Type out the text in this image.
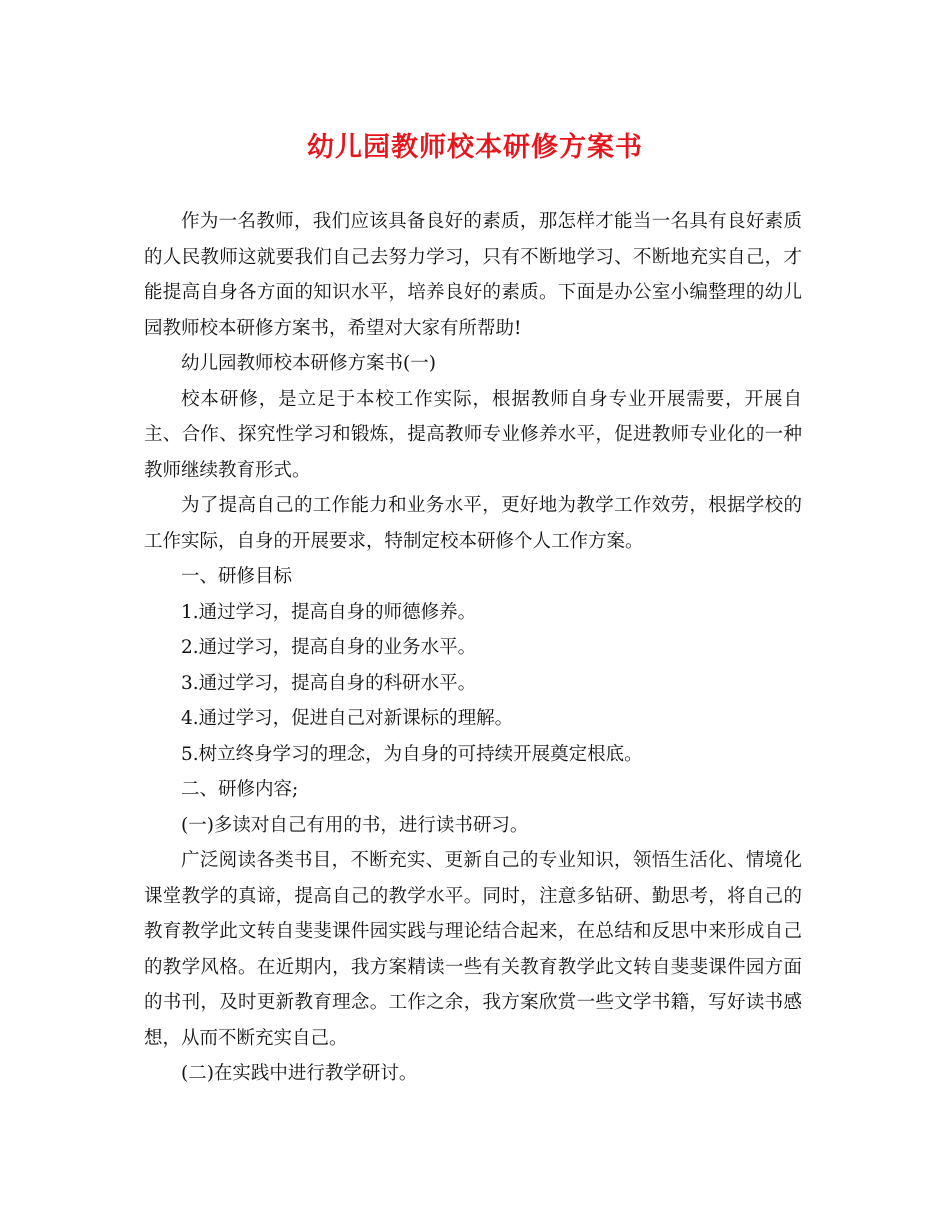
幼儿园教师校本研修方案书

作为一名教师，我们应该具备良好的素质，那怎样才能当一名具有良好素质的人民教师这就要我们自己去努力学习，只有不断地学习、不断地充实自己，才能提高自身各方面的知识水平，培养良好的素质。下面是办公室小编整理的幼儿园教师校本研修方案书，希望对大家有所帮助!

幼儿园教师校本研修方案书(一)

校本研修，是立足于本校工作实际，根据教师自身专业开展需要，开展自主、合作、探究性学习和锻炼，提高教师专业修养水平，促进教师专业化的一种教师继续教育形式。

为了提高自己的工作能力和业务水平，更好地为教学工作效劳，根据学校的工作实际，自身的开展要求，特制定校本研修个人工作方案。

一、研修目标

1.通过学习，提高自身的师德修养。

2.通过学习，提高自身的业务水平。

3.通过学习，提高自身的科研水平。

4.通过学习，促进自己对新课标的理解。

5.树立终身学习的理念，为自身的可持续开展奠定根底。

二、研修内容;

(一)多读对自己有用的书，进行读书研习。

广泛阅读各类书目，不断充实、更新自己的专业知识，领悟生活化、情境化课堂教学的真谛，提高自己的教学水平。同时，注意多钻研、勤思考，将自己的教育教学此文转自斐斐课件园实践与理论结合起来，在总结和反思中来形成自己的教学风格。在近期内，我方案精读一些有关教育教学此文转自斐斐课件园方面的书刊，及时更新教育理念。工作之余，我方案欣赏一些文学书籍，写好读书感想，从而不断充实自己。

(二)在实践中进行教学研讨。
